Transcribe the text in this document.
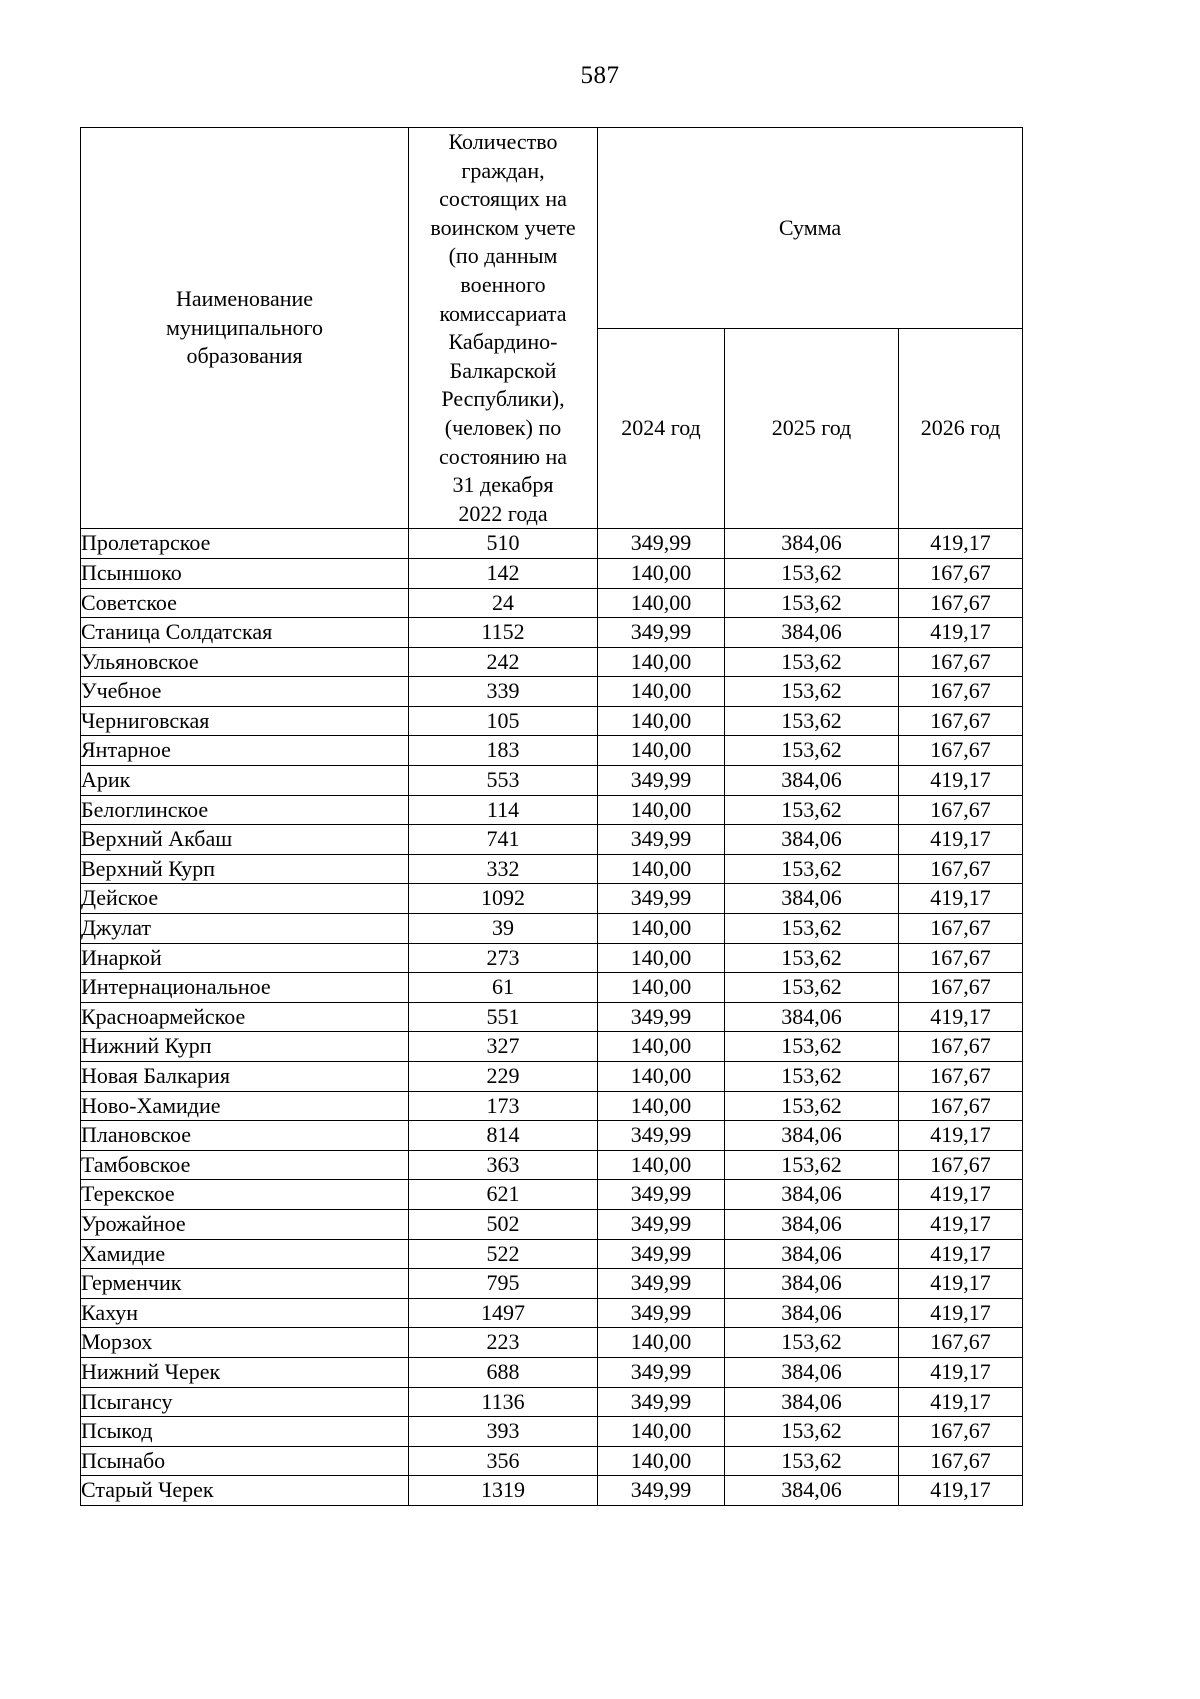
587
Наименование
муниципального
образования

Количество
граждан,
состоящих на
воинском учете
(по данным
военного
комиссариата
Кабардино-
Балкарской
Республики),
(человек) по
состоянию на
31 декабря
2022 года
	Сумма
		2024 год	2025 год	2026 год
Пролетарское	510	349,99	384,06	419,17
Псыншоко	142	140,00	153,62	167,67
Советское	24	140,00	153,62	167,67
Станица Солдатская	1152	349,99	384,06	419,17
Ульяновское	242	140,00	153,62	167,67
Учебное	339	140,00	153,62	167,67
Черниговская	105	140,00	153,62	167,67
Янтарное	183	140,00	153,62	167,67
Арик	553	349,99	384,06	419,17
Белоглинское	114	140,00	153,62	167,67
Верхний Акбаш	741	349,99	384,06	419,17
Верхний Курп	332	140,00	153,62	167,67
Дейское	1092	349,99	384,06	419,17
Джулат	39	140,00	153,62	167,67
Инаркой	273	140,00	153,62	167,67
Интернациональное	61	140,00	153,62	167,67
Красноармейское	551	349,99	384,06	419,17
Нижний Курп	327	140,00	153,62	167,67
Новая Балкария	229	140,00	153,62	167,67
Ново-Хамидие	173	140,00	153,62	167,67
Плановское	814	349,99	384,06	419,17
Тамбовское	363	140,00	153,62	167,67
Терекское	621	349,99	384,06	419,17
Урожайное	502	349,99	384,06	419,17
Хамидие	522	349,99	384,06	419,17
Герменчик	795	349,99	384,06	419,17
Кахун	1497	349,99	384,06	419,17
Морзох	223	140,00	153,62	167,67
Нижний Черек	688	349,99	384,06	419,17
Псыгансу	1136	349,99	384,06	419,17
Псыкод	393	140,00	153,62	167,67
Псынабо	356	140,00	153,62	167,67
Старый Черек	1319	349,99	384,06	419,17
